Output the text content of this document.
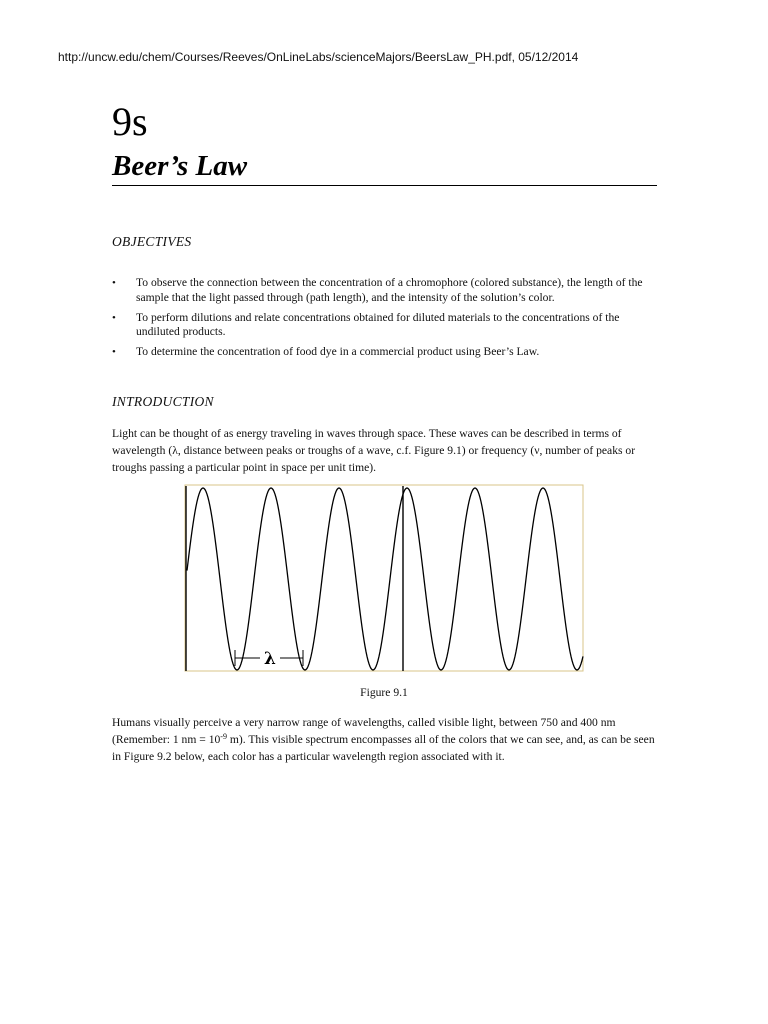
http://uncw.edu/chem/Courses/Reeves/OnLineLabs/scienceMajors/BeersLaw_PH.pdf, 05/12/2014
9s
Beer’s Law
OBJECTIVES
• To observe the connection between the concentration of a chromophore (colored substance), the length of the sample that the light passed through (path length), and the intensity of the solution’s color.
• To perform dilutions and relate concentrations obtained for diluted materials to the concentrations of the undiluted products.
• To determine the concentration of food dye in a commercial product using Beer’s Law.
INTRODUCTION

Light can be thought of as energy traveling in waves through space. These waves can be described in terms of wavelength (λ, distance between peaks or troughs of a wave, c.f. Figure 9.1) or frequency (ν, number of peaks or troughs passing a particular point in space per unit time).

λ
Figure 9.1

Humans visually perceive a very narrow range of wavelengths, called visible light, between 750 and 400 nm (Remember: 1 nm = $10^{-9}$ m). This visible spectrum encompasses all of the colors that we can see, and, as can be seen in Figure 9.2 below, each color has a particular wavelength region associated with it.
